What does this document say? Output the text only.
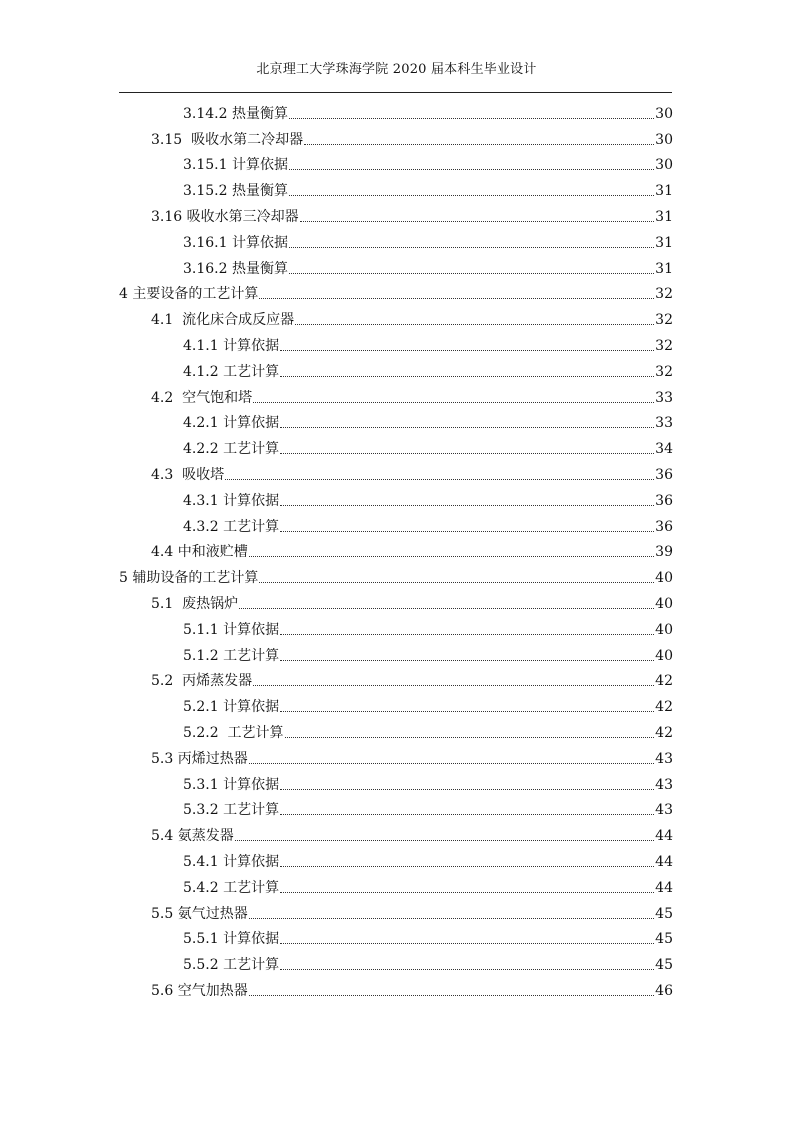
北京理工大学珠海学院 2020 届本科生毕业设计
3.14.2 热量衡算	30
3.15  吸收水第二冷却器	30
3.15.1 计算依据	30
3.15.2 热量衡算	31
3.16 吸收水第三冷却器	31
3.16.1 计算依据	31
3.16.2 热量衡算	31
4 主要设备的工艺计算	32
4.1  流化床合成反应器	32
4.1.1 计算依据	32
4.1.2 工艺计算	32
4.2  空气饱和塔	33
4.2.1 计算依据	33
4.2.2 工艺计算	34
4.3  吸收塔	36
4.3.1 计算依据	36
4.3.2 工艺计算	36
4.4 中和液贮槽	39
5 辅助设备的工艺计算	40
5.1  废热锅炉	40
5.1.1 计算依据	40
5.1.2 工艺计算	40
5.2  丙烯蒸发器	42
5.2.1 计算依据	42
5.2.2  工艺计算	42
5.3 丙烯过热器	43
5.3.1 计算依据	43
5.3.2 工艺计算	43
5.4 氨蒸发器	44
5.4.1 计算依据	44
5.4.2 工艺计算	44
5.5 氨气过热器	45
5.5.1 计算依据	45
5.5.2 工艺计算	45
5.6 空气加热器	46
